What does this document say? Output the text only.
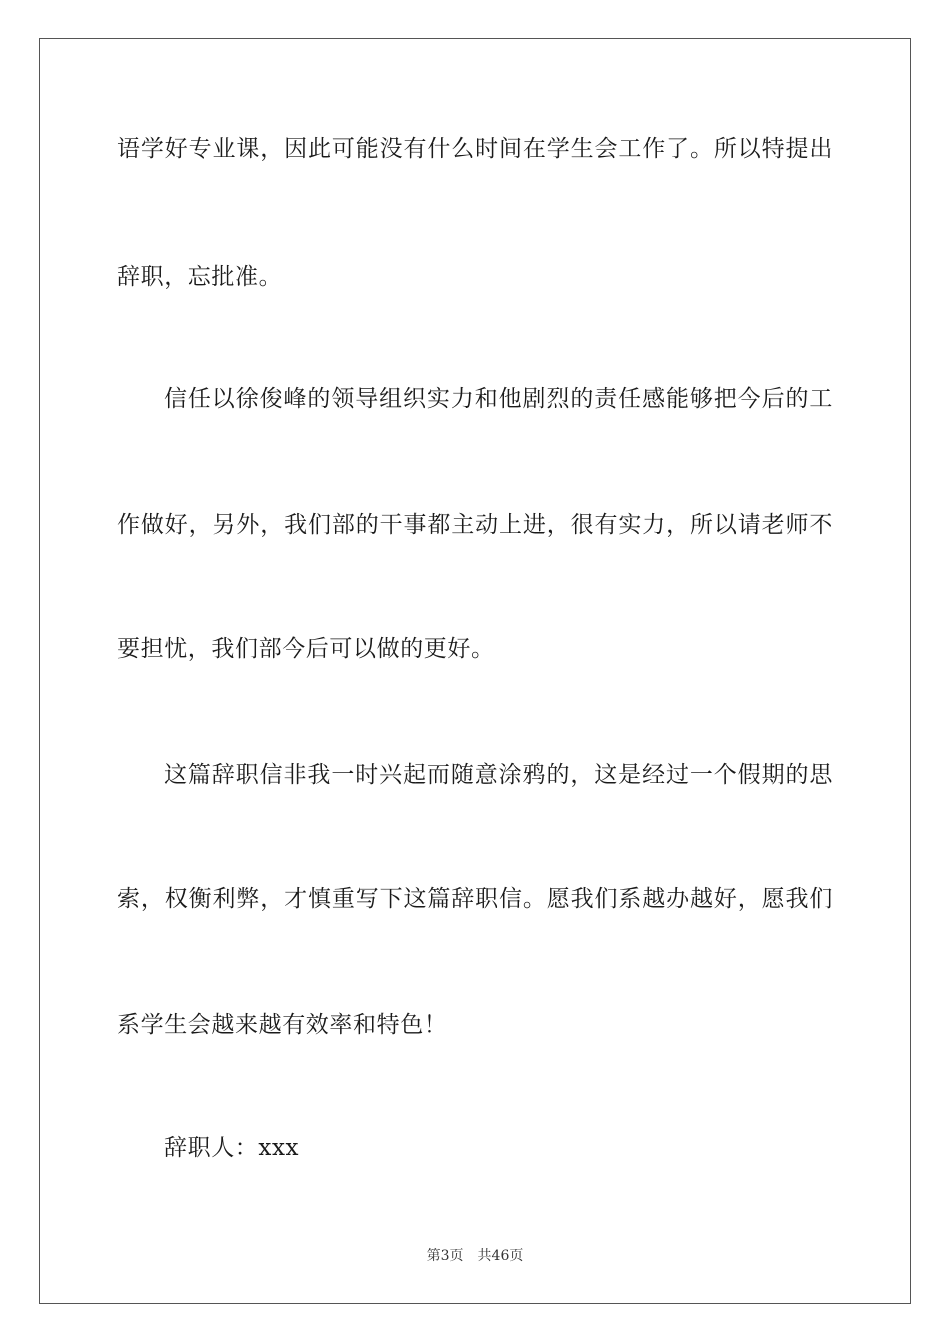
语学好专业课，因此可能没有什么时间在学生会工作了。所以特提出
辞职，忘批准。
信任以徐俊峰的领导组织实力和他剧烈的责任感能够把今后的工
作做好，另外，我们部的干事都主动上进，很有实力，所以请老师不
要担忧，我们部今后可以做的更好。
这篇辞职信非我一时兴起而随意涂鸦的，这是经过一个假期的思
索，权衡利弊，才慎重写下这篇辞职信。愿我们系越办越好，愿我们
系学生会越来越有效率和特色！
辞职人：xxx
第3页 共46页
